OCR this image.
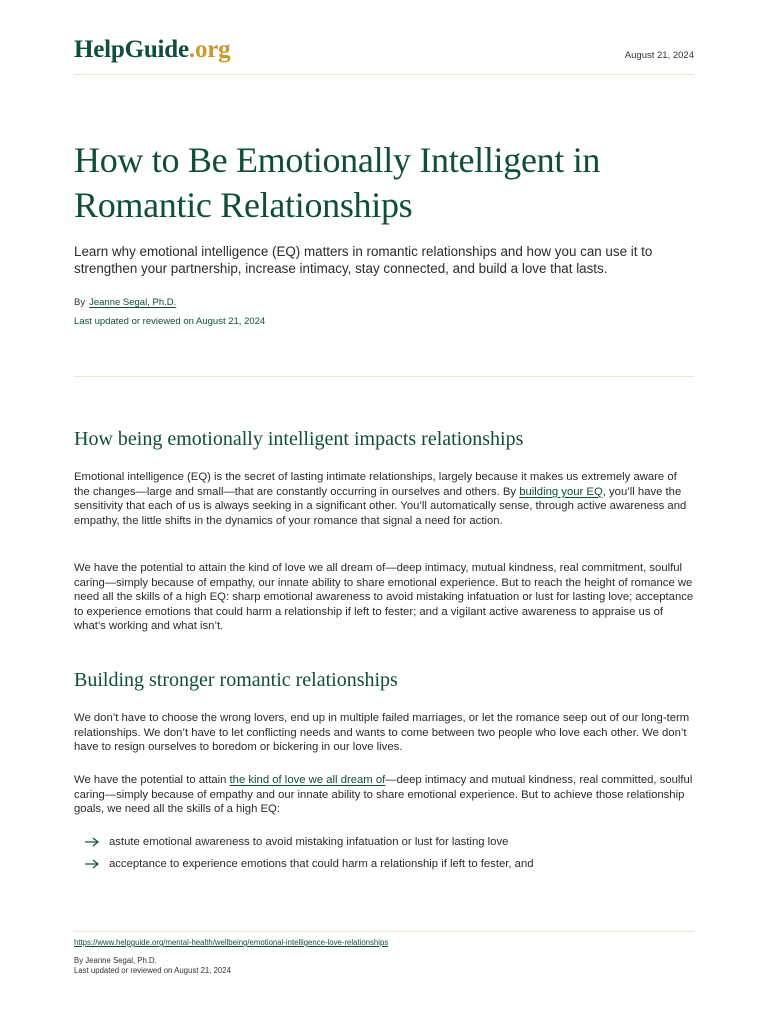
HelpGuide.org	August 21, 2024
How to Be Emotionally Intelligent in Romantic Relationships

Learn why emotional intelligence (EQ) matters in romantic relationships and how you can use it to strengthen your partnership, increase intimacy, stay connected, and build a love that lasts.

By Jeanne Segal, Ph.D.
Last updated or reviewed on August 21, 2024
How being emotionally intelligent impacts relationships

Emotional intelligence (EQ) is the secret of lasting intimate relationships, largely because it makes us extremely aware of the changes—large and small—that are constantly occurring in ourselves and others. By building your EQ, you’ll have the sensitivity that each of us is always seeking in a significant other. You’ll automatically sense, through active awareness and empathy, the little shifts in the dynamics of your romance that signal a need for action.

We have the potential to attain the kind of love we all dream of—deep intimacy, mutual kindness, real commitment, soulful caring—simply because of empathy, our innate ability to share emotional experience. But to reach the height of romance we need all the skills of a high EQ: sharp emotional awareness to avoid mistaking infatuation or lust for lasting love; acceptance to experience emotions that could harm a relationship if left to fester; and a vigilant active awareness to appraise us of what’s working and what isn’t.

Building stronger romantic relationships

We don’t have to choose the wrong lovers, end up in multiple failed marriages, or let the romance seep out of our long-term relationships. We don’t have to let conflicting needs and wants to come between two people who love each other. We don’t have to resign ourselves to boredom or bickering in our love lives.

We have the potential to attain the kind of love we all dream of—deep intimacy and mutual kindness, real committed, soulful caring—simply because of empathy and our innate ability to share emotional experience. But to achieve those relationship goals, we need all the skills of a high EQ:

astute emotional awareness to avoid mistaking infatuation or lust for lasting love
acceptance to experience emotions that could harm a relationship if left to fester, and
https://www.helpguide.org/mental-health/wellbeing/emotional-intelligence-love-relationships
By Jeanne Segal, Ph.D.
Last updated or reviewed on August 21, 2024
